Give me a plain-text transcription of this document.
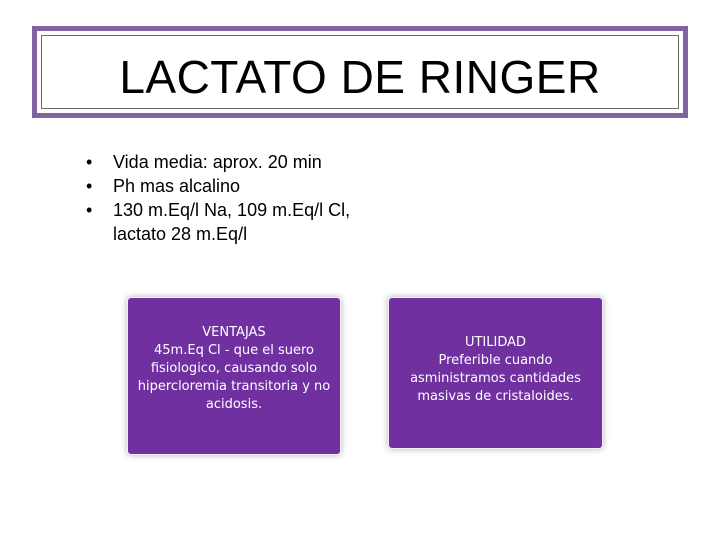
LACTATO DE RINGER
• Vida media: aprox. 20 min
• Ph mas alcalino
• 130 m.Eq/l Na, 109 m.Eq/l Cl,
lactato 28 m.Eq/l
VENTAJAS
45m.Eq Cl - que el suero
fisiologico, causando solo
hipercloremia transitoria y no
acidosis.
UTILIDAD
Preferible cuando
asministramos cantidades
masivas de cristaloides.
